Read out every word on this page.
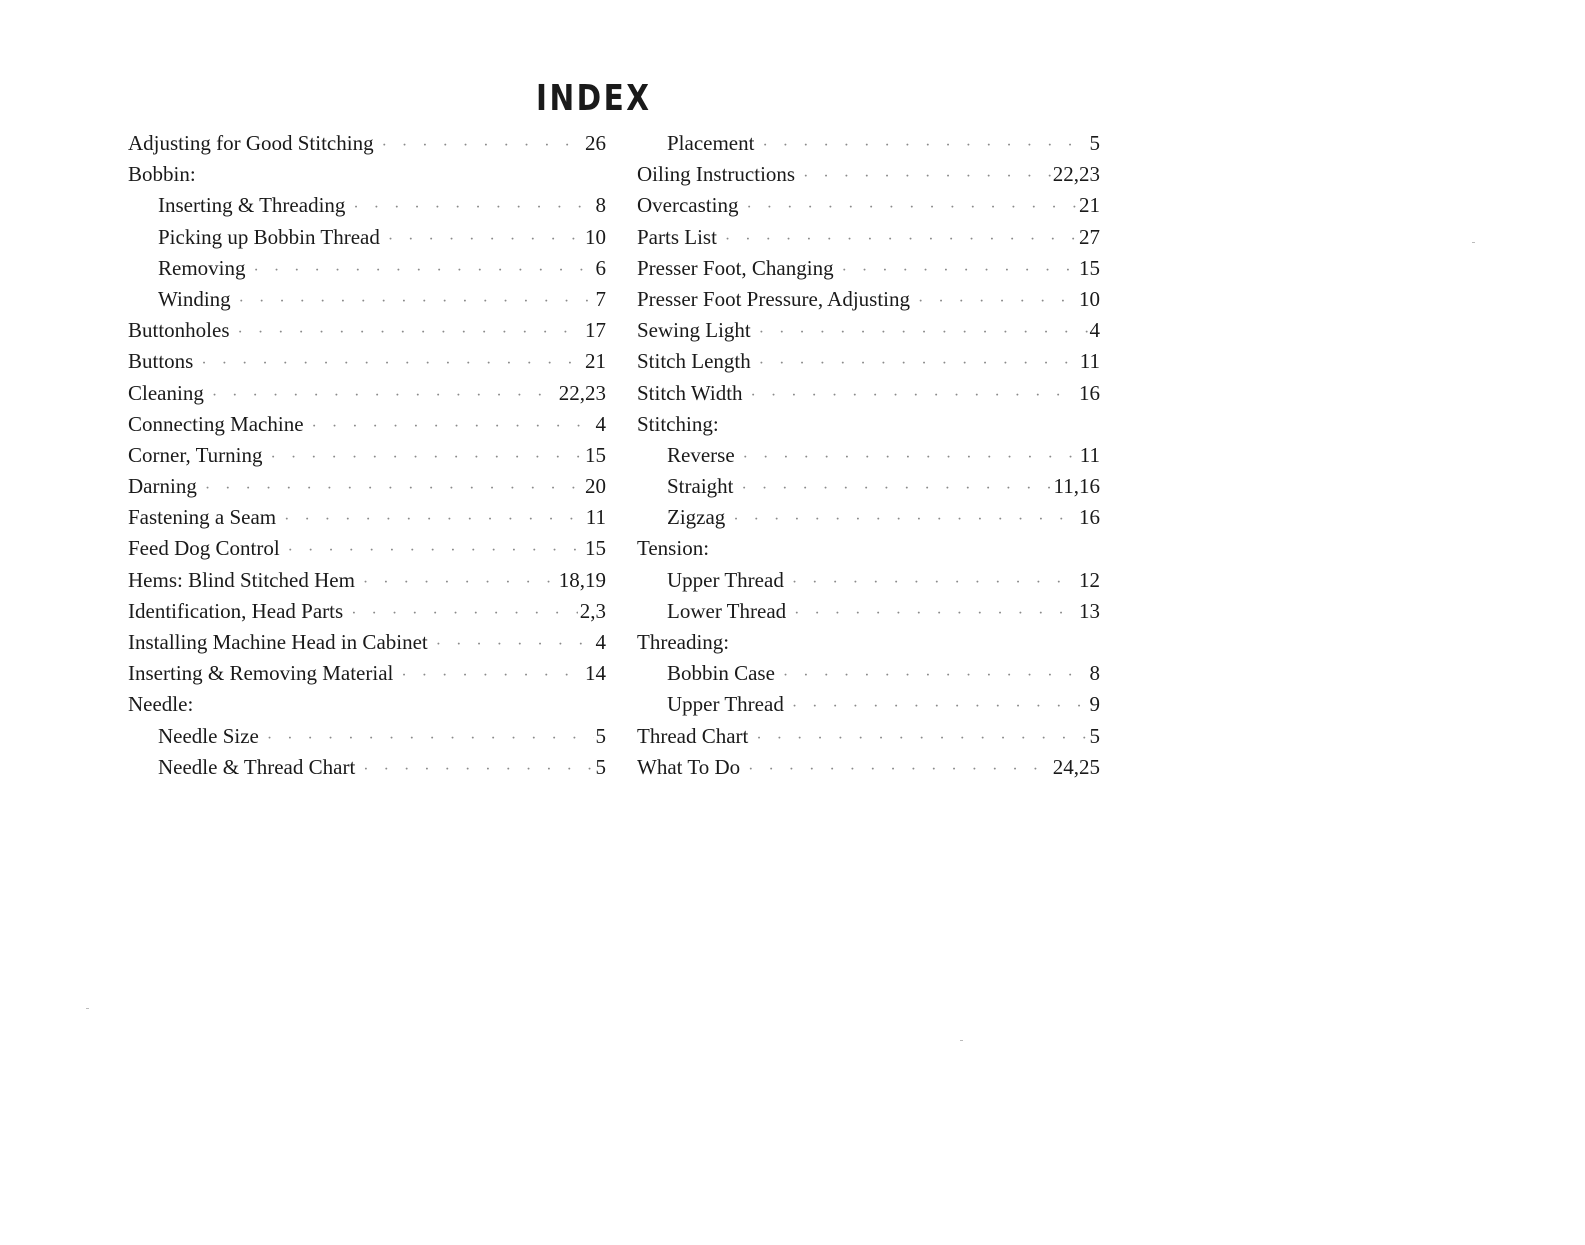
INDEX
Adjusting for Good Stitching · · ·	26
Bobbin:
Inserting & Threading · · ·	8
Picking up Bobbin Thread · · ·	10
Removing · · ·	6
Winding · · ·	7
Buttonholes · · ·	17
Buttons · · ·	21
Cleaning · · ·	22,23
Connecting Machine · · ·	4
Corner, Turning · · ·	15
Darning · · ·	20
Fastening a Seam · · ·	11
Feed Dog Control · · ·	15
Hems: Blind Stitched Hem · · ·	18,19
Identification, Head Parts · · ·	2,3
Installing Machine Head in Cabinet · · ·	4
Inserting & Removing Material · · ·	14
Needle:
Needle Size · · ·	5
Needle & Thread Chart · · ·	5
Placement · · ·	5
Oiling Instructions · · ·	22,23
Overcasting · · ·	21
Parts List · · ·	27
Presser Foot, Changing · · ·	15
Presser Foot Pressure, Adjusting · · ·	10
Sewing Light · · ·	4
Stitch Length · · ·	11
Stitch Width · · ·	16
Stitching:
Reverse · · ·	11
Straight · · ·	11,16
Zigzag · · ·	16
Tension:
Upper Thread · · ·	12
Lower Thread · · ·	13
Threading:
Bobbin Case · · ·	8
Upper Thread · · ·	9
Thread Chart · · ·	5
What To Do · · ·	24,25
